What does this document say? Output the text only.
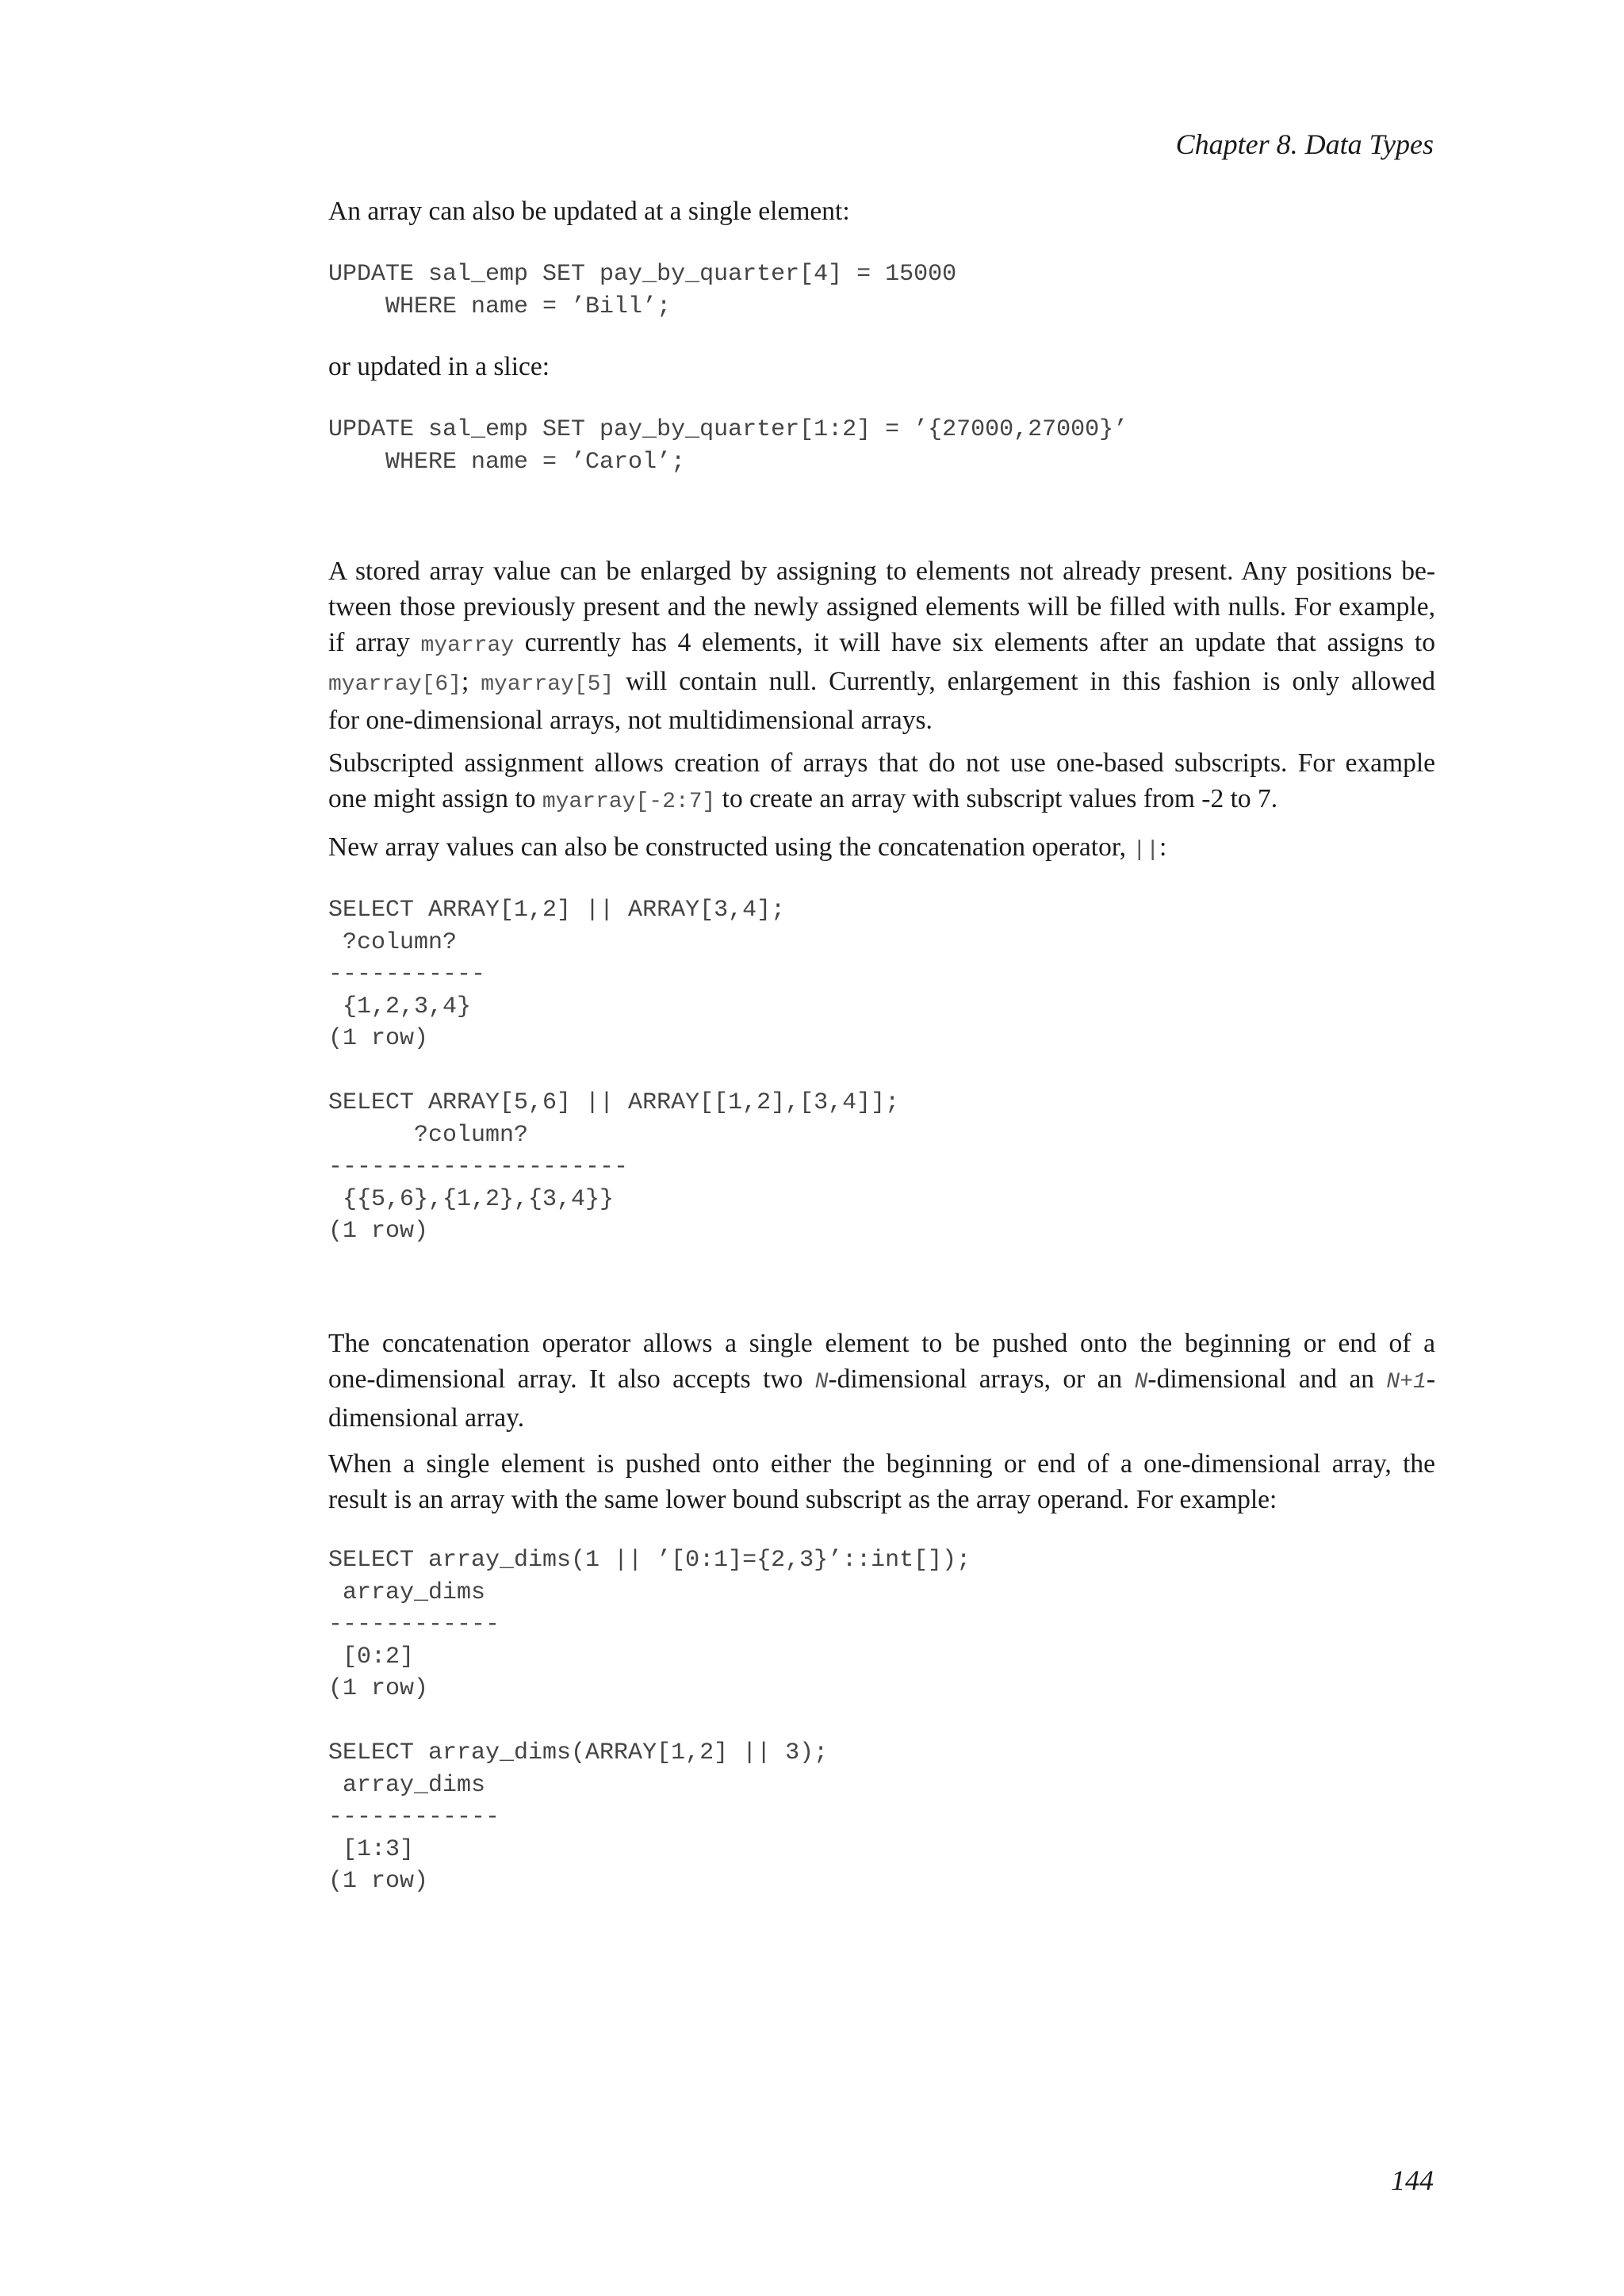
Chapter 8. Data Types

An array can also be updated at a single element:

UPDATE sal_emp SET pay_by_quarter[4] = 15000
WHERE name = ’Bill’;

or updated in a slice:

UPDATE sal_emp SET pay_by_quarter[1:2] = ’{27000,27000}’
WHERE name = ’Carol’;
A stored array value can be enlarged by assigning to elements not already present. Any positions be-
tween those previously present and the newly assigned elements will be filled with nulls. For example,
if array myarray currently has 4 elements, it will have six elements after an update that assigns to
myarray[6]; myarray[5] will contain null. Currently, enlargement in this fashion is only allowed
for one-dimensional arrays, not multidimensional arrays.
Subscripted assignment allows creation of arrays that do not use one-based subscripts. For example
one might assign to myarray[-2:7] to create an array with subscript values from -2 to 7.
New array values can also be constructed using the concatenation operator, ||:
SELECT ARRAY[1,2] || ARRAY[3,4];
?column?
-----------
{1,2,3,4}
(1 row)

SELECT ARRAY[5,6] || ARRAY[[1,2],[3,4]];
?column?
---------------------
{{5,6},{1,2},{3,4}}
(1 row)
The concatenation operator allows a single element to be pushed onto the beginning or end of a
one-dimensional array. It also accepts two N-dimensional arrays, or an N-dimensional and an N+1-
dimensional array.
When a single element is pushed onto either the beginning or end of a one-dimensional array, the
result is an array with the same lower bound subscript as the array operand. For example:
SELECT array_dims(1 || ’[0:1]={2,3}’::int[]);
array_dims
------------
[0:2]
(1 row)

SELECT array_dims(ARRAY[1,2] || 3);
array_dims
------------
[1:3]
(1 row)
144
